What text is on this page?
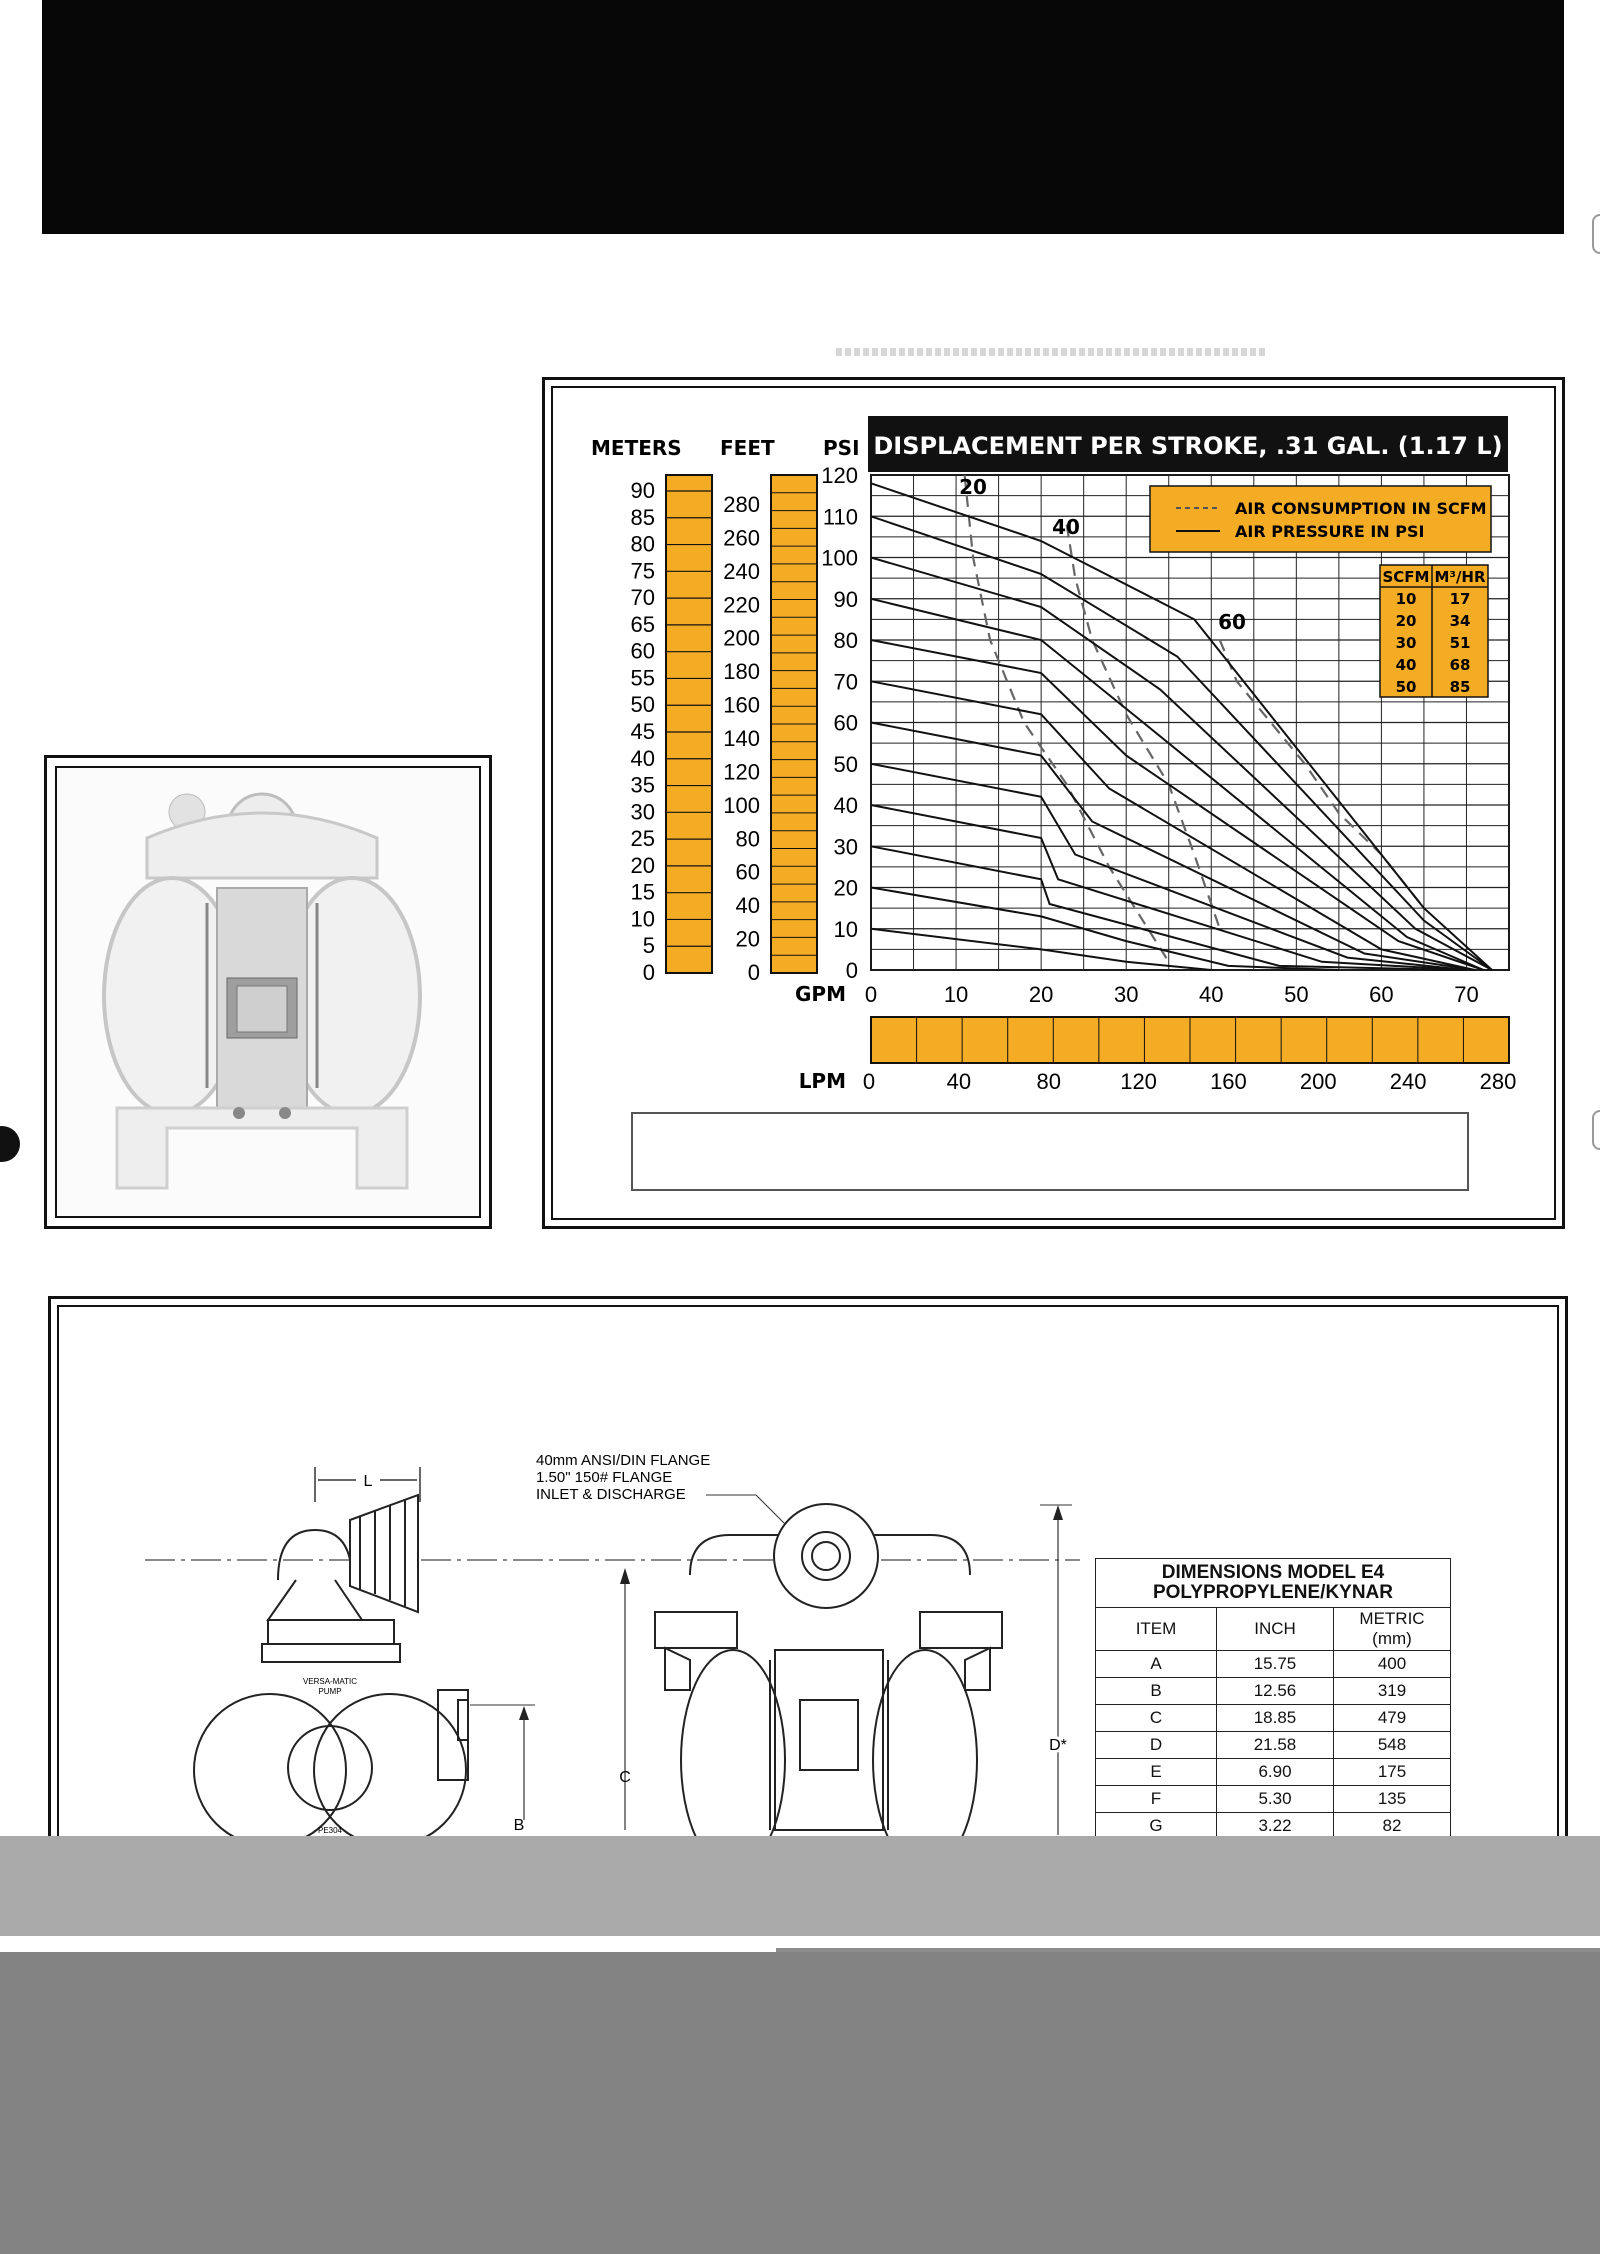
METERS FEET PSI DISPLACEMENT PER STROKE, .31 GAL. (1.17 L)
90
85
80
75
70
65
60
55
50
45
40
35
30
25
20
15
10
5
0
280
260
240
220
200
180
160
140
120
100
80
60
40
20
0	0
10
20
30
40
50
60
70
80
90
100
110
120
0	10	20	30	40	50	60	70
GPM
20
40
60
AIR CONSUMPTION IN SCFM
AIR PRESSURE IN PSI
SCFM M³/HR
10 17
20 34
30 51
40 68
50 85
0	40	80	120 160 200 240 280
LPM
L
VERSA-MATIC
PUMP
PE304	B
C
40mm ANSI/DIN FLANGE
1.50" 150# FLANGE
INLET & DISCHARGE
D*
DIMENSIONS MODEL E4
POLYPROPYLENE/KYNAR		

ITEM	INCH	METRIC (mm)
A	15.75	400
B	12.56	319
C	18.85	479
D	21.58	548
E	6.90	175
F	5.30	135
G	3.22	82
